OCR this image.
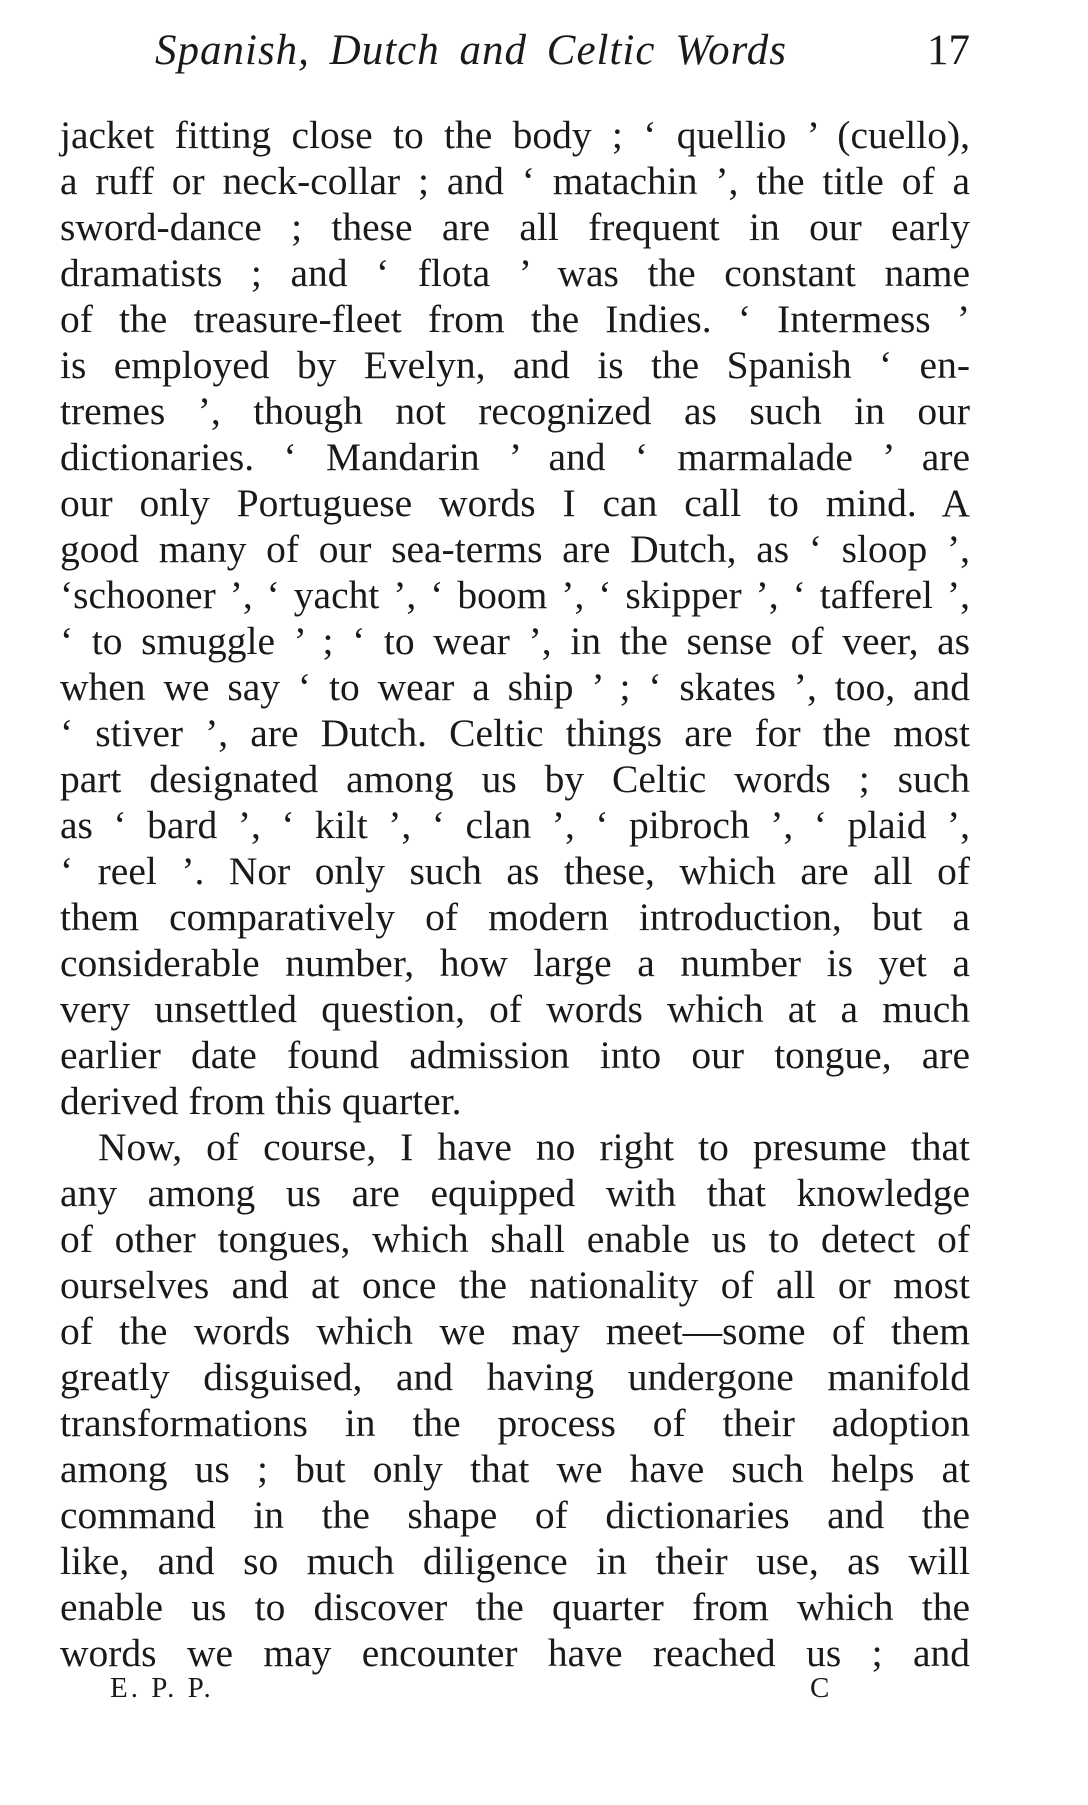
Spanish, Dutch and Celtic Words	17
jacket fitting close to the body ; ‘ quellio ’ (cuello),
a ruff or neck-collar ; and ‘ matachin ’, the title of a
sword-dance ; these are all frequent in our early
dramatists ; and ‘ flota ’ was the constant name
of the treasure-fleet from the Indies. ‘ Intermess ’
is employed by Evelyn, and is the Spanish ‘ en-
tremes ’, though not recognized as such in our
dictionaries. ‘ Mandarin ’ and ‘ marmalade ’ are
our only Portuguese words I can call to mind. A
good many of our sea-terms are Dutch, as ‘ sloop ’,
‘schooner ’, ‘ yacht ’, ‘ boom ’, ‘ skipper ’, ‘ tafferel ’,
‘ to smuggle ’ ; ‘ to wear ’, in the sense of veer, as
when we say ‘ to wear a ship ’ ; ‘ skates ’, too, and
‘ stiver ’, are Dutch. Celtic things are for the most
part designated among us by Celtic words ; such
as ‘ bard ’, ‘ kilt ’, ‘ clan ’, ‘ pibroch ’, ‘ plaid ’,
‘ reel ’. Nor only such as these, which are all of
them comparatively of modern introduction, but a
considerable number, how large a number is yet a
very unsettled question, of words which at a much
earlier date found admission into our tongue, are
derived from this quarter.
Now, of course, I have no right to presume that
any among us are equipped with that knowledge
of other tongues, which shall enable us to detect of
ourselves and at once the nationality of all or most
of the words which we may meet—some of them
greatly disguised, and having undergone manifold
transformations in the process of their adoption
among us ; but only that we have such helps at
command in the shape of dictionaries and the
like, and so much diligence in their use, as will
enable us to discover the quarter from which the
words we may encounter have reached us ; and
E. P. P.	C
